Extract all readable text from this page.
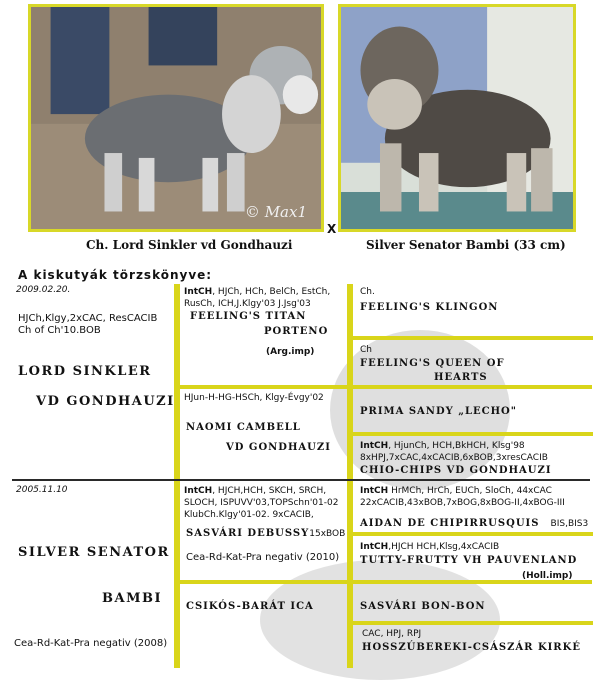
© Max1
Ch. Lord Sinkler vd Gondhauzi
X
Silver Senator Bambi (33 cm)
A kiskutyák törzskönyve:
2009.02.20.
HJCh,Klgy,2xCAC, ResCACIB
Ch of Ch'10.BOB
LORD SINKLER
VD GONDHAUZI
IntCH, HJCh, HCh, BelCh, EstCh,
RusCh, ICH,J.Klgy'03 J.Jsg'03
FEELING'S TITAN
PORTENO
(Arg.imp)
Ch.
FEELING'S KLINGON
Ch
FEELING'S QUEEN OF
HEARTS
HJun-H-HG-HSCh, Klgy-Évgy'02
NAOMI CAMBELL
VD GONDHAUZI
PRIMA SANDY „LECHO"
IntCH, HjunCh, HCH,BkHCH, Klsg'98
8xHPJ,7xCAC,4xCACIB,6xBOB,3xresCACIB
CHIO-CHIPS VD GONDHAUZI
2005.11.10
SILVER SENATOR
BAMBI
Cea-Rd-Kat-Pra negativ (2008)
IntCH, HJCH,HCH, SKCH, SRCH,
SLOCH, ISPUVV'03,TOPSchn'01-02
KlubCh.Klgy'01-02. 9xCACIB,
SASVÁRI DEBUSSY15xBOB
Cea-Rd-Kat-Pra negativ (2010)
IntCH HrMCh, HrCh, EUCh, SloCh, 44xCAC
22xCACIB,43xBOB,7xBOG,8xBOG-II,4xBOG-III
AIDAN DE CHIPIRRUSQUIS BIS,BIS3
IntCH,HJCH HCH,Klsg,4xCACIB
TUTTY-FRUTTY VH PAUVENLAND
(Holl.imp)
CSIKÓS-BARÁT ICA	SASVÁRI BON-BON
CAC, HPJ, RPJ
HOSSZÚBEREKI-CSÁSZÁR KIRKÉ
